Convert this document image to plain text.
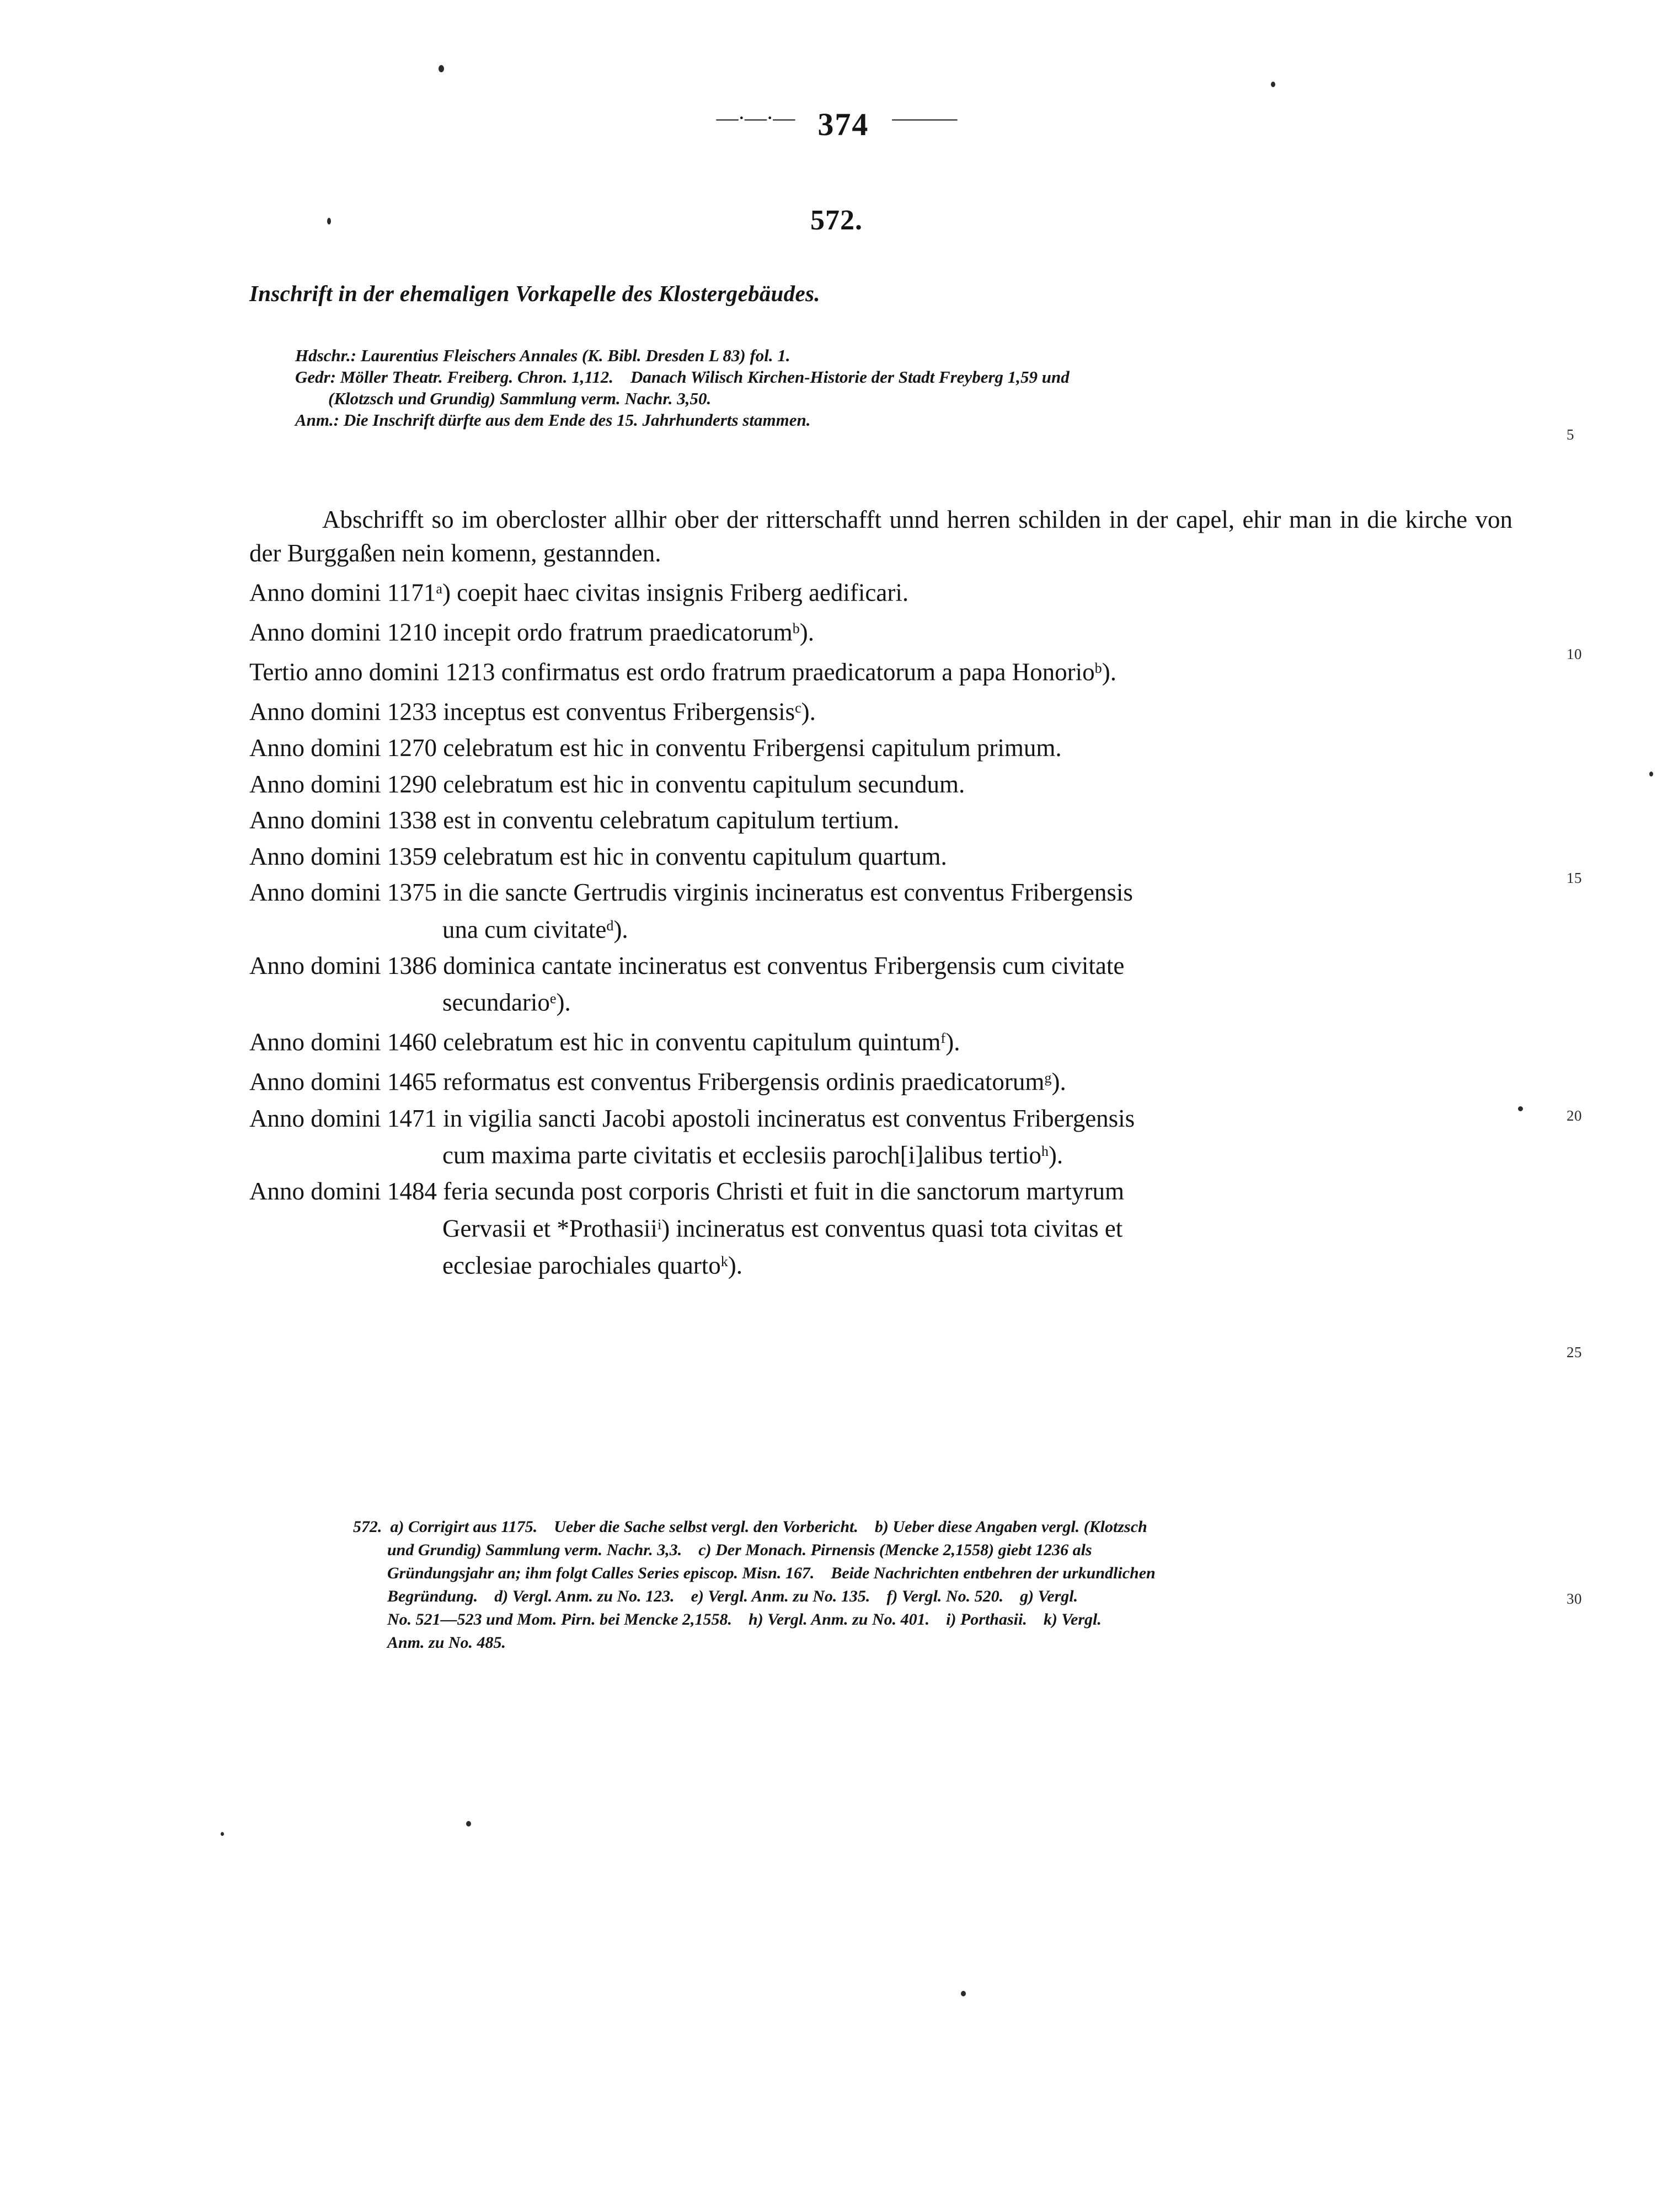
—·—·— 374 ———
572.
Inschrift in der ehemaligen Vorkapelle des Klostergebäudes.
Hdschr.: Laurentius Fleischers Annales (K. Bibl. Dresden L 83) fol. 1.
Gedr: Möller Theatr. Freiberg. Chron. 1,112. Danach Wilisch Kirchen-Historie der Stadt Freyberg 1,59 und
(Klotzsch und Grundig) Sammlung verm. Nachr. 3,50.
Anm.: Die Inschrift dürfte aus dem Ende des 15. Jahrhunderts stammen.

Abschrifft so im obercloster allhir ober der ritterschafft unnd herren schilden in der capel, ehir man in die kirche von der Burggaßen nein komenn, gestannden.

Anno domini 1171$^a$) coepit haec civitas insignis Friberg aedificari.

Anno domini 1210 incepit ordo fratrum praedicatorum$^b$).

Tertio anno domini 1213 confirmatus est ordo fratrum praedicatorum a papa Honorio$^b$).

Anno domini 1233 inceptus est conventus Fribergensis$^c$).

Anno domini 1270 celebratum est hic in conventu Fribergensi capitulum primum.

Anno domini 1290 celebratum est hic in conventu capitulum secundum.

Anno domini 1338 est in conventu celebratum capitulum tertium.

Anno domini 1359 celebratum est hic in conventu capitulum quartum.

Anno domini 1375 in die sancte Gertrudis virginis incineratus est conventus Fribergensis

una cum civitate$^d$).

Anno domini 1386 dominica cantate incineratus est conventus Fribergensis cum civitate

secundario$^e$).

Anno domini 1460 celebratum est hic in conventu capitulum quintum$^f$).

Anno domini 1465 reformatus est conventus Fribergensis ordinis praedicatorum$^g$).

Anno domini 1471 in vigilia sancti Jacobi apostoli incineratus est conventus Fribergensis

cum maxima parte civitatis et ecclesiis paroch[i]alibus tertio$^h$).

Anno domini 1484 feria secunda post corporis Christi et fuit in die sanctorum martyrum

Gervasii et *Prothasii$^i$) incineratus est conventus quasi tota civitas et

ecclesiae parochiales quarto$^k$).

5
10
15
20
25
30
572. a) Corrigirt aus 1175. Ueber die Sache selbst vergl. den Vorbericht. b) Ueber diese Angaben vergl. (Klotzsch
und Grundig) Sammlung verm. Nachr. 3,3. c) Der Monach. Pirnensis (Mencke 2,1558) giebt 1236 als
Gründungsjahr an; ihm folgt Calles Series episcop. Misn. 167. Beide Nachrichten entbehren der urkundlichen
Begründung. d) Vergl. Anm. zu No. 123. e) Vergl. Anm. zu No. 135. f) Vergl. No. 520. g) Vergl.
No. 521—523 und Mom. Pirn. bei Mencke 2,1558. h) Vergl. Anm. zu No. 401. i) Porthasii. k) Vergl.
Anm. zu No. 485.
